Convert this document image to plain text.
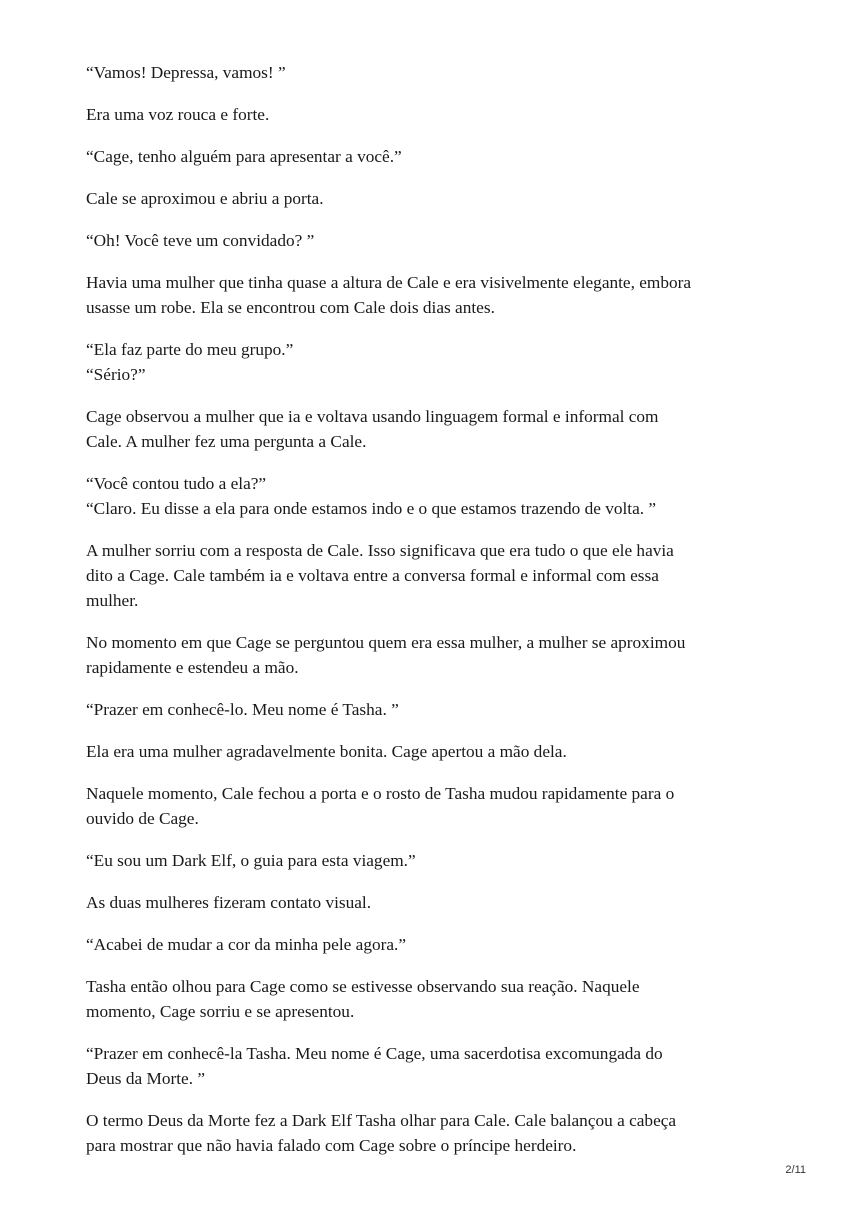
“Vamos! Depressa, vamos! ”

Era uma voz rouca e forte.

“Cage, tenho alguém para apresentar a você.”

Cale se aproximou e abriu a porta.

“Oh! Você teve um convidado? ”

Havia uma mulher que tinha quase a altura de Cale e era visivelmente elegante, embora
usasse um robe. Ela se encontrou com Cale dois dias antes.

“Ela faz parte do meu grupo.”
“Sério?”

Cage observou a mulher que ia e voltava usando linguagem formal e informal com
Cale. A mulher fez uma pergunta a Cale.

“Você contou tudo a ela?”
“Claro. Eu disse a ela para onde estamos indo e o que estamos trazendo de volta. ”

A mulher sorriu com a resposta de Cale. Isso significava que era tudo o que ele havia
dito a Cage. Cale também ia e voltava entre a conversa formal e informal com essa
mulher.

No momento em que Cage se perguntou quem era essa mulher, a mulher se aproximou
rapidamente e estendeu a mão.

“Prazer em conhecê-lo. Meu nome é Tasha. ”

Ela era uma mulher agradavelmente bonita. Cage apertou a mão dela.

Naquele momento, Cale fechou a porta e o rosto de Tasha mudou rapidamente para o
ouvido de Cage.

“Eu sou um Dark Elf, o guia para esta viagem.”

As duas mulheres fizeram contato visual.

“Acabei de mudar a cor da minha pele agora.”

Tasha então olhou para Cage como se estivesse observando sua reação. Naquele
momento, Cage sorriu e se apresentou.

“Prazer em conhecê-la Tasha. Meu nome é Cage, uma sacerdotisa excomungada do
Deus da Morte. ”

O termo Deus da Morte fez a Dark Elf Tasha olhar para Cale. Cale balançou a cabeça
para mostrar que não havia falado com Cage sobre o príncipe herdeiro.

2/11
